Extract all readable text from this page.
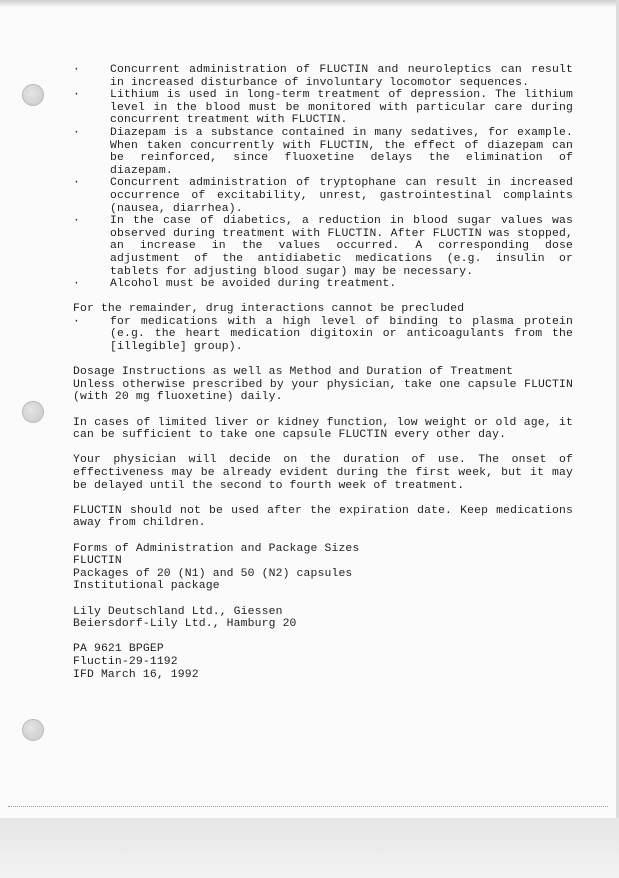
·	Concurrent administration of FLUCTIN and neuroleptics can result in increased disturbance of involuntary locomotor sequences.
·	Lithium is used in long-term treatment of depression. The lithium level in the blood must be monitored with particular care during concurrent treatment with FLUCTIN.
·	Diazepam is a substance contained in many sedatives, for example. When taken concurrently with FLUCTIN, the effect of diazepam can be reinforced, since fluoxetine delays the elimination of diazepam.
·	Concurrent administration of tryptophane can result in increased occurrence of excitability, unrest, gastrointestinal complaints (nausea, diarrhea).
·	In the case of diabetics, a reduction in blood sugar values was observed during treatment with FLUCTIN. After FLUCTIN was stopped, an increase in the values occurred. A corresponding dose adjustment of the antidiabetic medications (e.g. insulin or tablets for adjusting blood sugar) may be necessary.
·	Alcohol must be avoided during treatment.

For the remainder, drug interactions cannot be precluded

·	for medications with a high level of binding to plasma protein (e.g. the heart medication digitoxin or anticoagulants from the [illegible] group).

Dosage Instructions as well as Method and Duration of Treatment

Unless otherwise prescribed by your physician, take one capsule FLUCTIN (with 20 mg fluoxetine) daily.

In cases of limited liver or kidney function, low weight or old age, it can be sufficient to take one capsule FLUCTIN every other day.

Your physician will decide on the duration of use. The onset of effectiveness may be already evident during the first week, but it may be delayed until the second to fourth week of treatment.

FLUCTIN should not be used after the expiration date. Keep medications away from children.

Forms of Administration and Package Sizes

FLUCTIN

Packages of 20 (N1) and 50 (N2) capsules

Institutional package

Lily Deutschland Ltd., Giessen

Beiersdorf-Lily Ltd., Hamburg 20

PA 9621 BPGEP

Fluctin-29-1192

IFD March 16, 1992
